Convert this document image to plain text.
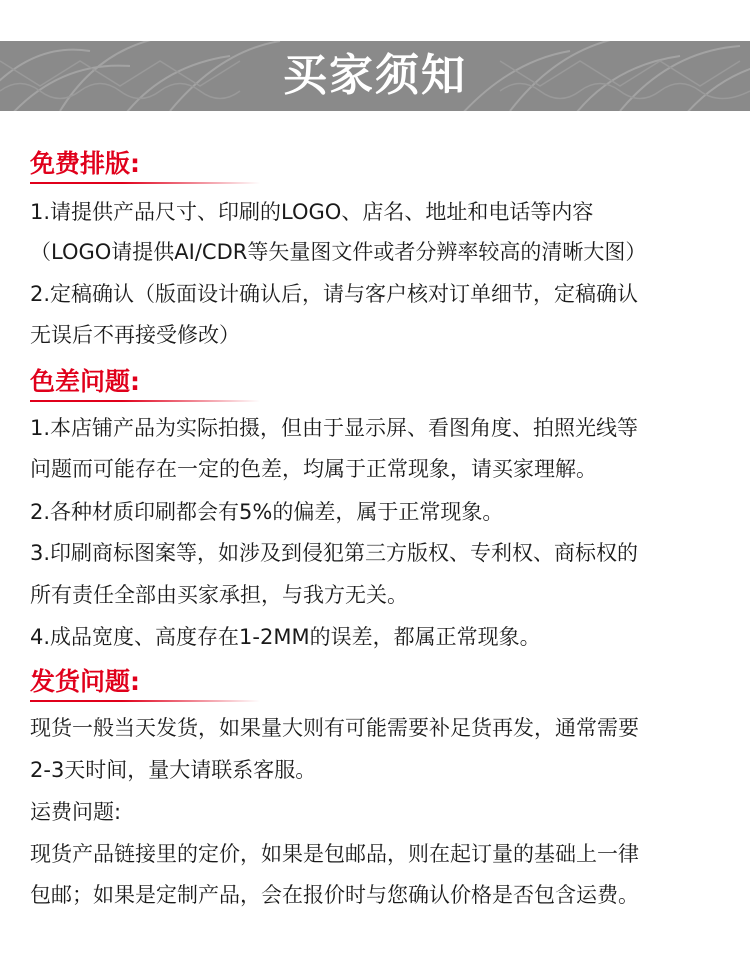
买家须知
免费排版:
1.请提供产品尺寸、印刷的LOGO、店名、地址和电话等内容
（LOGO请提供AI/CDR等矢量图文件或者分辨率较高的清晰大图）
2.定稿确认（版面设计确认后，请与客户核对订单细节，定稿确认
无误后不再接受修改）
色差问题:
1.本店铺产品为实际拍摄，但由于显示屏、看图角度、拍照光线等
问题而可能存在一定的色差，均属于正常现象，请买家理解。
2.各种材质印刷都会有5%的偏差，属于正常现象。
3.印刷商标图案等，如涉及到侵犯第三方版权、专利权、商标权的
所有责任全部由买家承担，与我方无关。
4.成品宽度、高度存在1-2MM的误差，都属正常现象。
发货问题:
现货一般当天发货，如果量大则有可能需要补足货再发，通常需要
2-3天时间，量大请联系客服。
运费问题:
现货产品链接里的定价，如果是包邮品，则在起订量的基础上一律
包邮；如果是定制产品，会在报价时与您确认价格是否包含运费。
